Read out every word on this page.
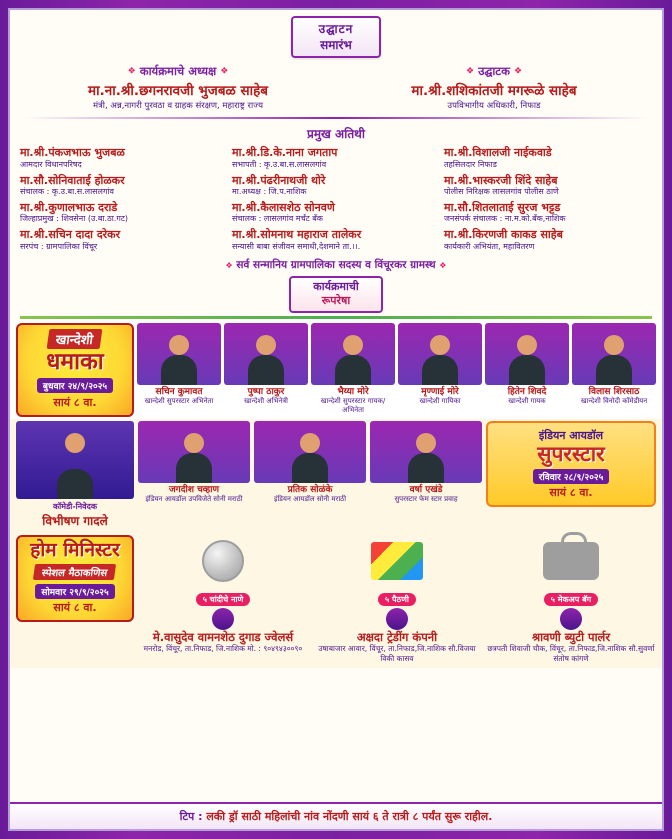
उद्घाटन
समारंभ
❖ कार्यक्रमाचे अध्यक्ष ❖
मा.ना.श्री.छगनरावजी भुजबळ साहेब
मंत्री, अन्न,नागरी पुरवठा व ग्राहक संरक्षण, महाराष्ट्र राज्य
❖ उद्घाटक ❖
मा.श्री.शशिकांतजी मगरूळे साहेब
उपविभागीय अधिकारी, निफाड
प्रमुख अतिथी
मा.श्री.पंकजभाऊ भुजबळ
आमदार विधानपरिषद
मा.श्री.डि.के.नाना जगताप
सभापती : कृ.उ.बा.स.लासलगांव
मा.श्री.विशालजी नाईकवाडे
तहसिलदार निफाड
मा.सौ.सोनिवाताई होळकर
संचालक : कृ.उ.बा.स.लासलगांव
मा.श्री.पंढरीनाथजी थोरे
मा.अध्यक्ष : जि.प.नाशिक
मा.श्री.भास्करजी शिंदे साहेब
पोलीस निरिक्षक लासलगांव पोलीस ठाणे
मा.श्री.कुणालभाऊ दराडे
जिल्हाप्रमुख : शिवसेना (उ.बा.ठा.गट)
मा.श्री.कैलासशेठ सोनवणे
संचालक : लासलगांव मर्चंट बँक
मा.सौ.शितलाताई सुरज भट्टड
जनसंपर्क संचालक : ना.म.को.बँक,नाशिक
मा.श्री.सचिन दादा दरेकर
सरपंच : ग्रामपालिका विंचूर
मा.श्री.सोमनाथ महाराज तालेकर
सन्यासी बाबा संजीवन समाधी,देशमाने ता.।।.
मा.श्री.किरणजी काकड साहेब
कार्यकारी अभियंता, महावितरण
❖ सर्व सन्मानिय ग्रामपालिका सदस्य व विंचूरकर ग्रामस्थ ❖
कार्यक्रमाची
रूपरेषा
खान्देशी
धमाका
बुधवार २४/९/२०२५
सायं ८ वा.
सचिन कुमावत
खान्देशी सुपरस्टार अभिनेता
पुष्पा ठाकुर
खान्देशी अभिनेत्री
भैय्या मोरे
खान्देशी सुपरस्टार गायक/अभिनेता
मृण्णाई मोरे
खान्देशी गायिका
हितेन शिवदे
खान्देशी गायक
विलास शिरसाठ
खान्देशी विनोदी कॉमेडीयन
कॉमेडी-निवेदक
विभीषण गादले
जगदीश चव्हाण
इंडियन आयडॉल उपविजेते सोनी मराठी
प्रतिक सोळंके
इंडियन आयडॉल सोनी मराठी
वर्षा एखंडे
सुपरस्टार फेम स्टार प्रवाह
इंडियन आयडॉल
सुपरस्टार
रविवार २८/९/२०२५
सायं ८ वा.
होम मिनिस्टर
स्पेशल मैठाकणिस सोमवार २९/९/२०२५
सायं ८ वा.
५ चांदीचे नाणे
मे.वासुदेव वामनशेठ दुगाड ज्वेलर्स
मनरोड, विंचूर, ता.निफाड, जि.नाशिक मो. : ९०४९४३००९०
५ पैठणी
अक्षदा ट्रेडींग कंपनी
उषाबाजार आवार, विंचूर, ता.निफाड,जि.नाशिक सौ.विजया विकी कासव
५ मेकअप बॅग
श्रावणी ब्युटी पार्लर
छत्रपती शिवाजी चौक, विंचूर, ता.निफाड,जि.नाशिक सौ.सुवर्णा संतोष कांगणे
टिप : लकी ड्रॉ साठी महिलांची नांव नोंदणी सायं ६ ते रात्री ८ पर्यंत सुरू राहील.
